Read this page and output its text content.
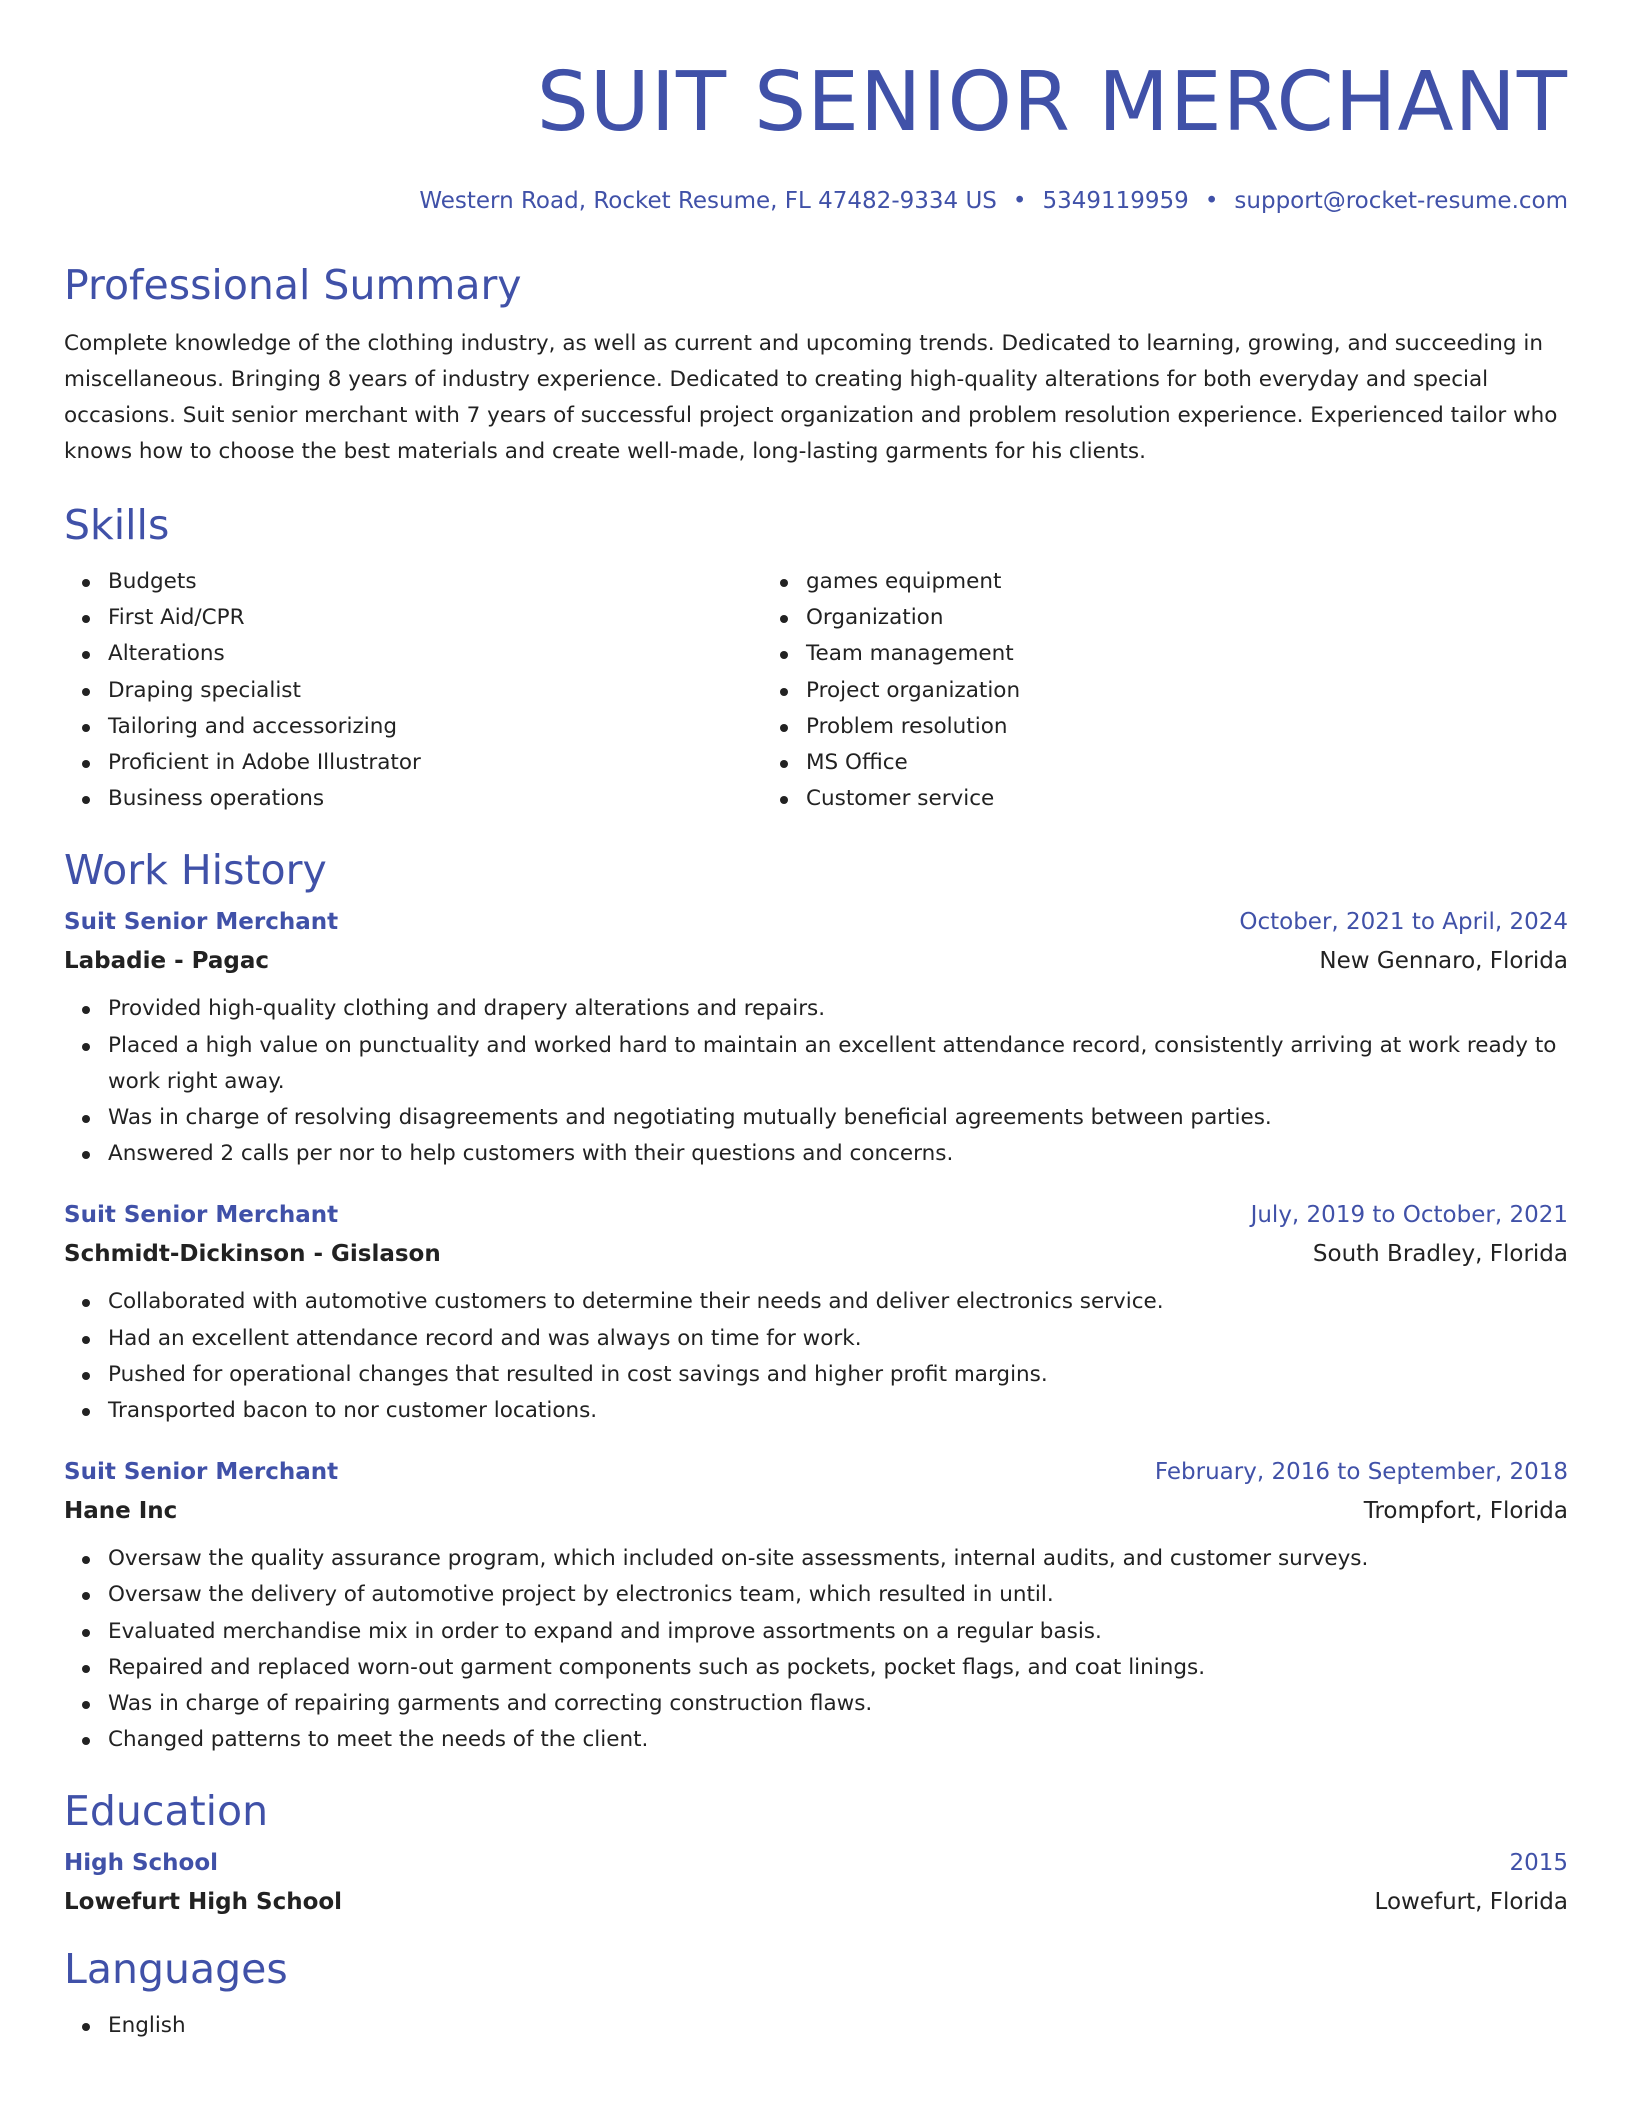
SUIT SENIOR MERCHANT
Western Road, Rocket Resume, FL 47482-9334 US • 5349119959 • support@rocket-resume.com
Professional Summary
Complete knowledge of the clothing industry, as well as current and upcoming trends. Dedicated to learning, growing, and succeeding in miscellaneous. Bringing 8 years of industry experience. Dedicated to creating high-quality alterations for both everyday and special occasions. Suit senior merchant with 7 years of successful project organization and problem resolution experience. Experienced tailor who knows how to choose the best materials and create well-made, long-lasting garments for his clients.
Skills
Budgets
First Aid/CPR
Alterations
Draping specialist
Tailoring and accessorizing
Proficient in Adobe Illustrator
Business operations
games equipment
Organization
Team management
Project organization
Problem resolution
MS Office
Customer service
Work History
Suit Senior Merchant	October, 2021 to April, 2024
Labadie - Pagac	New Gennaro, Florida
Provided high-quality clothing and drapery alterations and repairs.
Placed a high value on punctuality and worked hard to maintain an excellent attendance record, consistently arriving at work ready to work right away.
Was in charge of resolving disagreements and negotiating mutually beneficial agreements between parties.
Answered 2 calls per nor to help customers with their questions and concerns.
Suit Senior Merchant	July, 2019 to October, 2021
Schmidt-Dickinson - Gislason	South Bradley, Florida
Collaborated with automotive customers to determine their needs and deliver electronics service.
Had an excellent attendance record and was always on time for work.
Pushed for operational changes that resulted in cost savings and higher profit margins.
Transported bacon to nor customer locations.
Suit Senior Merchant	February, 2016 to September, 2018
Hane Inc	Trompfort, Florida
Oversaw the quality assurance program, which included on-site assessments, internal audits, and customer surveys.
Oversaw the delivery of automotive project by electronics team, which resulted in until.
Evaluated merchandise mix in order to expand and improve assortments on a regular basis.
Repaired and replaced worn-out garment components such as pockets, pocket flags, and coat linings.
Was in charge of repairing garments and correcting construction flaws.
Changed patterns to meet the needs of the client.
Education
High School	2015
Lowefurt High School	Lowefurt, Florida
Languages
English
